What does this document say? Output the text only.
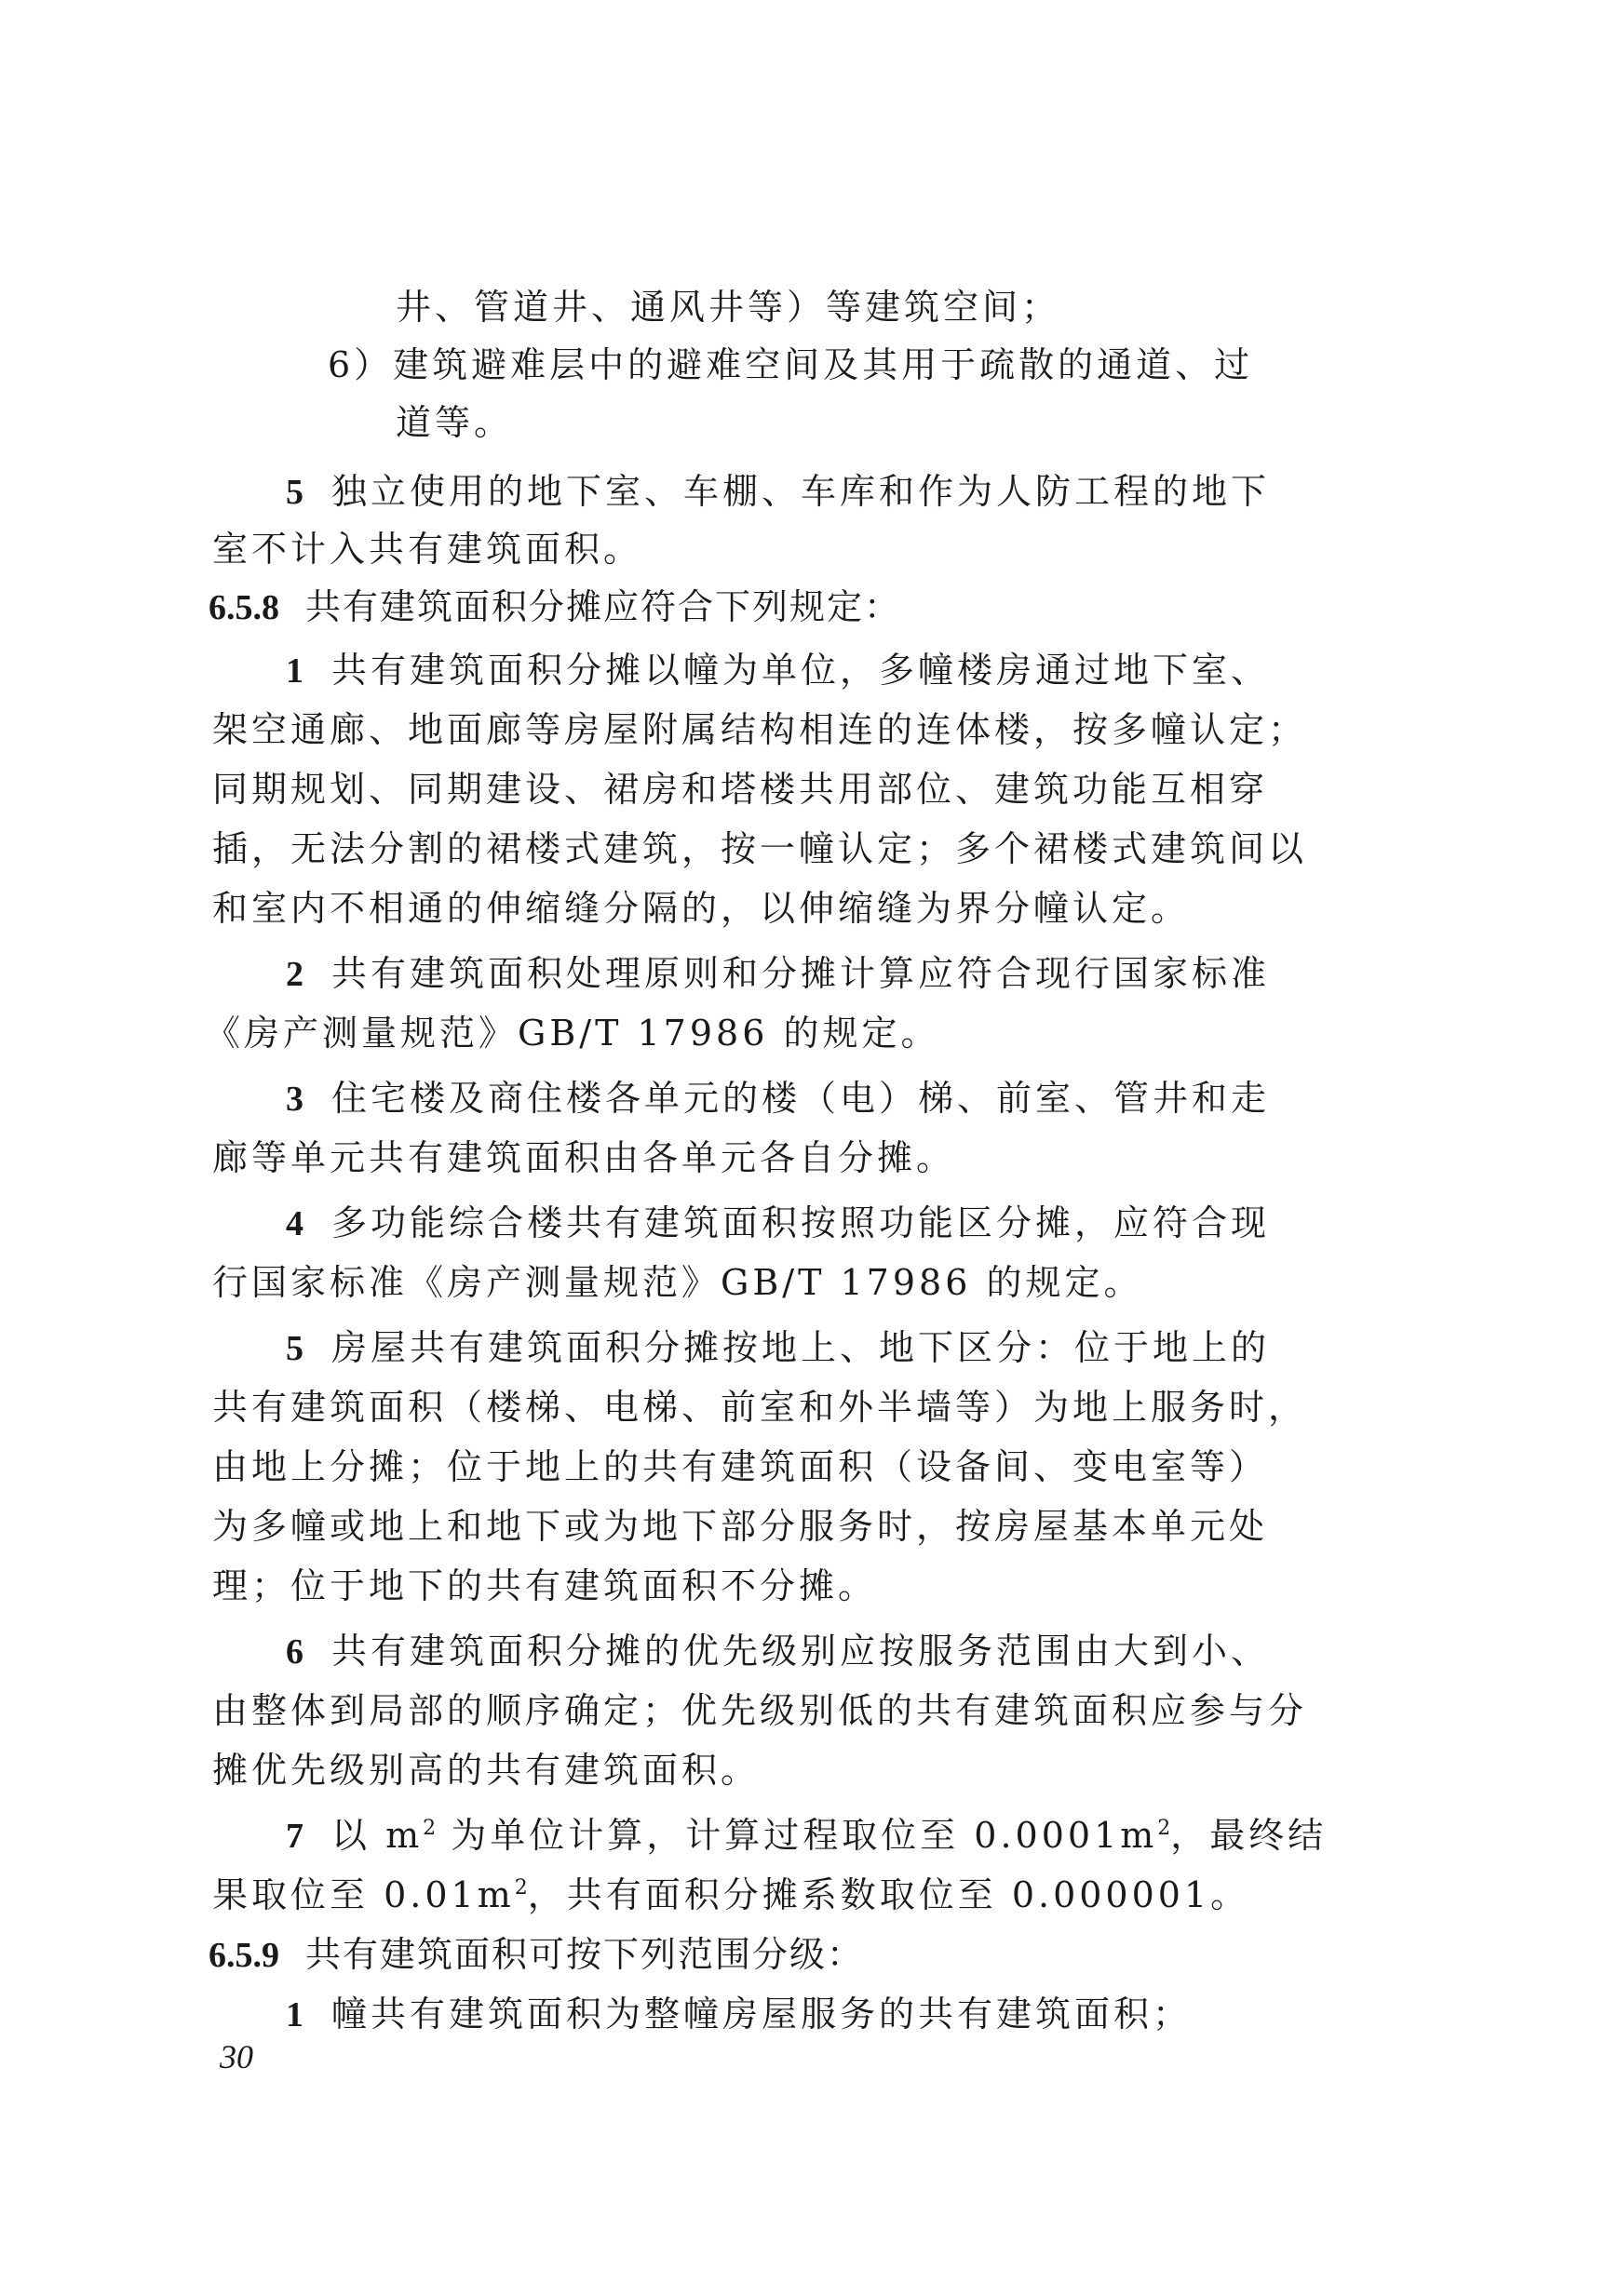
井、管道井、通风井等）等建筑空间；
6）建筑避难层中的避难空间及其用于疏散的通道、过
道等。
5 独立使用的地下室、车棚、车库和作为人防工程的地下
室不计入共有建筑面积。
6.5.8 共有建筑面积分摊应符合下列规定：
1 共有建筑面积分摊以幢为单位，多幢楼房通过地下室、
架空通廊、地面廊等房屋附属结构相连的连体楼，按多幢认定；
同期规划、同期建设、裙房和塔楼共用部位、建筑功能互相穿
插，无法分割的裙楼式建筑，按一幢认定；多个裙楼式建筑间以
和室内不相通的伸缩缝分隔的，以伸缩缝为界分幢认定。
2 共有建筑面积处理原则和分摊计算应符合现行国家标准
《房产测量规范》GB/T 17986 的规定。
3 住宅楼及商住楼各单元的楼（电）梯、前室、管井和走
廊等单元共有建筑面积由各单元各自分摊。
4 多功能综合楼共有建筑面积按照功能区分摊，应符合现
行国家标准《房产测量规范》GB/T 17986 的规定。
5 房屋共有建筑面积分摊按地上、地下区分：位于地上的
共有建筑面积（楼梯、电梯、前室和外半墙等）为地上服务时，
由地上分摊；位于地上的共有建筑面积（设备间、变电室等）
为多幢或地上和地下或为地下部分服务时，按房屋基本单元处
理；位于地下的共有建筑面积不分摊。
6 共有建筑面积分摊的优先级别应按服务范围由大到小、
由整体到局部的顺序确定；优先级别低的共有建筑面积应参与分
摊优先级别高的共有建筑面积。
7 以 $m^2$ 为单位计算，计算过程取位至 $0.0001m^2$，最终结
果取位至 $0.01m^2$，共有面积分摊系数取位至 0.000001。
6.5.9 共有建筑面积可按下列范围分级：
1 幢共有建筑面积为整幢房屋服务的共有建筑面积；
30
